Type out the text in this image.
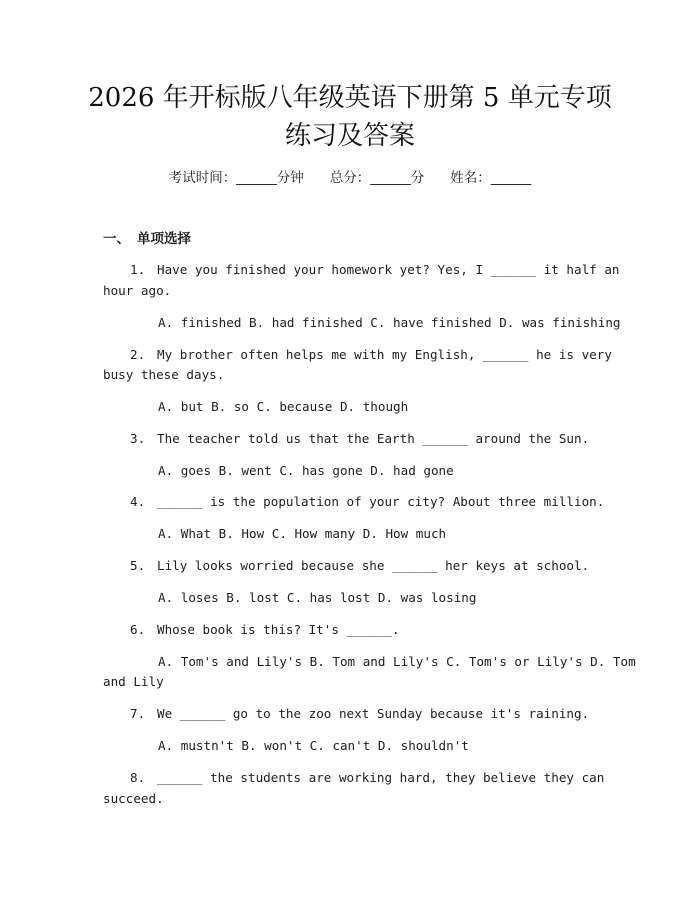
2026 年开标版八年级英语下册第 5 单元专项
练习及答案
考试时间：______分钟 总分：______分 姓名：______
一、 单项选择
1. Have you finished your homework yet? Yes, I ______ it half an
hour ago.
A. finished B. had finished C. have finished D. was finishing
2. My brother often helps me with my English, ______ he is very
busy these days.
A. but B. so C. because D. though
3. The teacher told us that the Earth ______ around the Sun.
A. goes B. went C. has gone D. had gone
4. ______ is the population of your city? About three million.
A. What B. How C. How many D. How much
5. Lily looks worried because she ______ her keys at school.
A. loses B. lost C. has lost D. was losing
6. Whose book is this? It's ______.
A. Tom's and Lily's B. Tom and Lily's C. Tom's or Lily's D. Tom
and Lily
7. We ______ go to the zoo next Sunday because it's raining.
A. mustn't B. won't C. can't D. shouldn't
8. ______ the students are working hard, they believe they can
succeed.
